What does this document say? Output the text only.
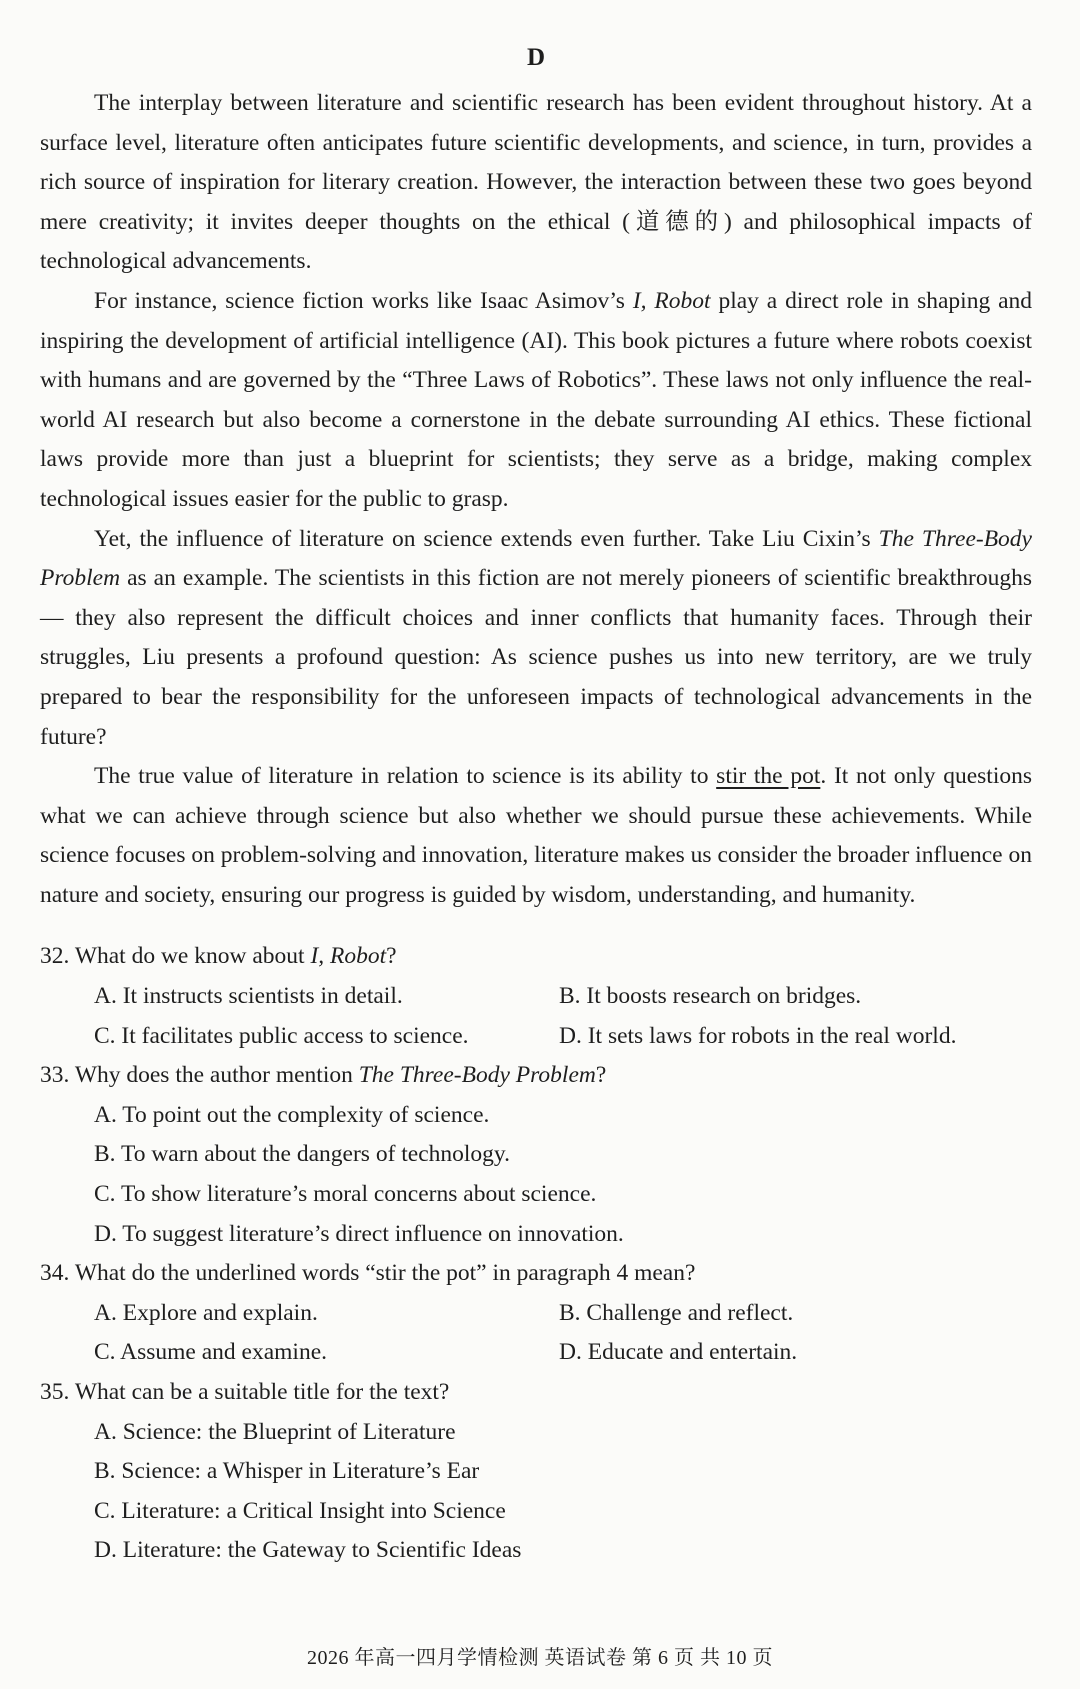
D

The interplay between literature and scientific research has been evident throughout history. At a surface level, literature often anticipates future scientific developments, and science, in turn, provides a rich source of inspiration for literary creation. However, the interaction between these two goes beyond mere creativity; it invites deeper thoughts on the ethical (道德的) and philosophical impacts of technological advancements.

For instance, science fiction works like Isaac Asimov’s I, Robot play a direct role in shaping and inspiring the development of artificial intelligence (AI). This book pictures a future where robots coexist with humans and are governed by the “Three Laws of Robotics”. These laws not only influence the real-world AI research but also become a cornerstone in the debate surrounding AI ethics. These fictional laws provide more than just a blueprint for scientists; they serve as a bridge, making complex technological issues easier for the public to grasp.

Yet, the influence of literature on science extends even further. Take Liu Cixin’s The Three-Body Problem as an example. The scientists in this fiction are not merely pioneers of scientific breakthroughs — they also represent the difficult choices and inner conflicts that humanity faces. Through their struggles, Liu presents a profound question: As science pushes us into new territory, are we truly prepared to bear the responsibility for the unforeseen impacts of technological advancements in the future?

The true value of literature in relation to science is its ability to stir the pot. It not only questions what we can achieve through science but also whether we should pursue these achievements. While science focuses on problem-solving and innovation, literature makes us consider the broader influence on nature and society, ensuring our progress is guided by wisdom, understanding, and humanity.

32. What do we know about I, Robot?

A. It instructs scientists in detail.	B. It boosts research on bridges.
C. It facilitates public access to science.	D. It sets laws for robots in the real world.

33. Why does the author mention The Three-Body Problem?

A. To point out the complexity of science.
B. To warn about the dangers of technology.
C. To show literature’s moral concerns about science.
D. To suggest literature’s direct influence on innovation.

34. What do the underlined words “stir the pot” in paragraph 4 mean?

A. Explore and explain.	B. Challenge and reflect.
C. Assume and examine.	D. Educate and entertain.

35. What can be a suitable title for the text?

A. Science: the Blueprint of Literature
B. Science: a Whisper in Literature’s Ear
C. Literature: a Critical Insight into Science
D. Literature: the Gateway to Scientific Ideas
2026 年高一四月学情检测 英语试卷 第 6 页 共 10 页
